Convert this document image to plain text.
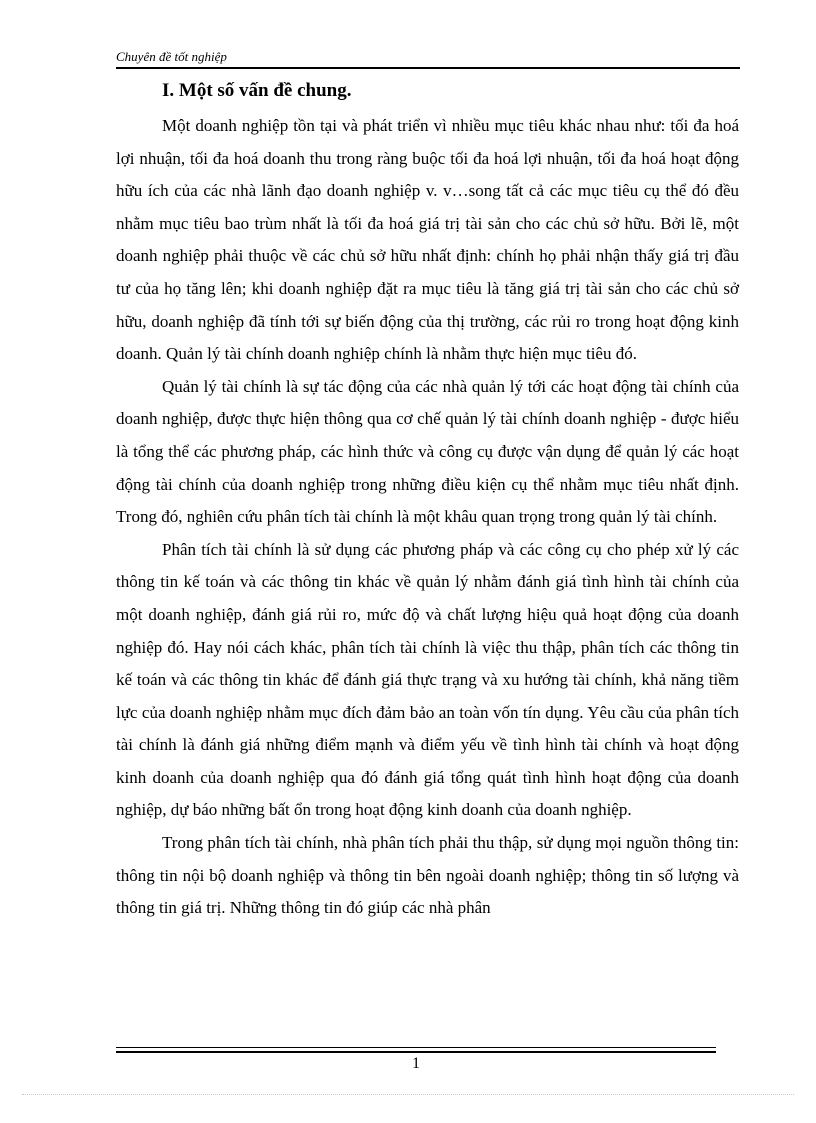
Chuyên đề tốt nghiệp
I. Một số vấn đề chung.

Một doanh nghiệp tồn tại và phát triển vì nhiều mục tiêu khác nhau như: tối đa hoá lợi nhuận, tối đa hoá doanh thu trong ràng buộc tối đa hoá lợi nhuận, tối đa hoá hoạt động hữu ích của các nhà lãnh đạo doanh nghiệp v. v…song tất cả các mục tiêu cụ thể đó đều nhằm mục tiêu bao trùm nhất là tối đa hoá giá trị tài sản cho các chủ sở hữu. Bởi lẽ, một doanh nghiệp phải thuộc về các chủ sở hữu nhất định: chính họ phải nhận thấy giá trị đầu tư của họ tăng lên; khi doanh nghiệp đặt ra mục tiêu là tăng giá trị tài sản cho các chủ sở hữu, doanh nghiệp đã tính tới sự biến động của thị trường, các rủi ro trong hoạt động kinh doanh. Quản lý tài chính doanh nghiệp chính là nhằm thực hiện mục tiêu đó.

Quản lý tài chính là sự tác động của các nhà quản lý tới các hoạt động tài chính của doanh nghiệp, được thực hiện thông qua cơ chế quản lý tài chính doanh nghiệp - được hiểu là tổng thể các phương pháp, các hình thức và công cụ được vận dụng để quản lý các hoạt động tài chính của doanh nghiệp trong những điều kiện cụ thể nhằm mục tiêu nhất định. Trong đó, nghiên cứu phân tích tài chính là một khâu quan trọng trong quản lý tài chính.

Phân tích tài chính là sử dụng các phương pháp và các công cụ cho phép xử lý các thông tin kế toán và các thông tin khác về quản lý nhằm đánh giá tình hình tài chính của một doanh nghiệp, đánh giá rủi ro, mức độ và chất lượng hiệu quả hoạt động của doanh nghiệp đó. Hay nói cách khác, phân tích tài chính là việc thu thập, phân tích các thông tin kế toán và các thông tin khác để đánh giá thực trạng và xu hướng tài chính, khả năng tiềm lực của doanh nghiệp nhằm mục đích đảm bảo an toàn vốn tín dụng. Yêu cầu của phân tích tài chính là đánh giá những điểm mạnh và điểm yếu về tình hình tài chính và hoạt động kinh doanh của doanh nghiệp qua đó đánh giá tổng quát tình hình hoạt động của doanh nghiệp, dự báo những bất ổn trong hoạt động kinh doanh của doanh nghiệp.

Trong phân tích tài chính, nhà phân tích phải thu thập, sử dụng mọi nguồn thông tin: thông tin nội bộ doanh nghiệp và thông tin bên ngoài doanh nghiệp; thông tin số lượng và thông tin giá trị. Những thông tin đó giúp các nhà phân

1
